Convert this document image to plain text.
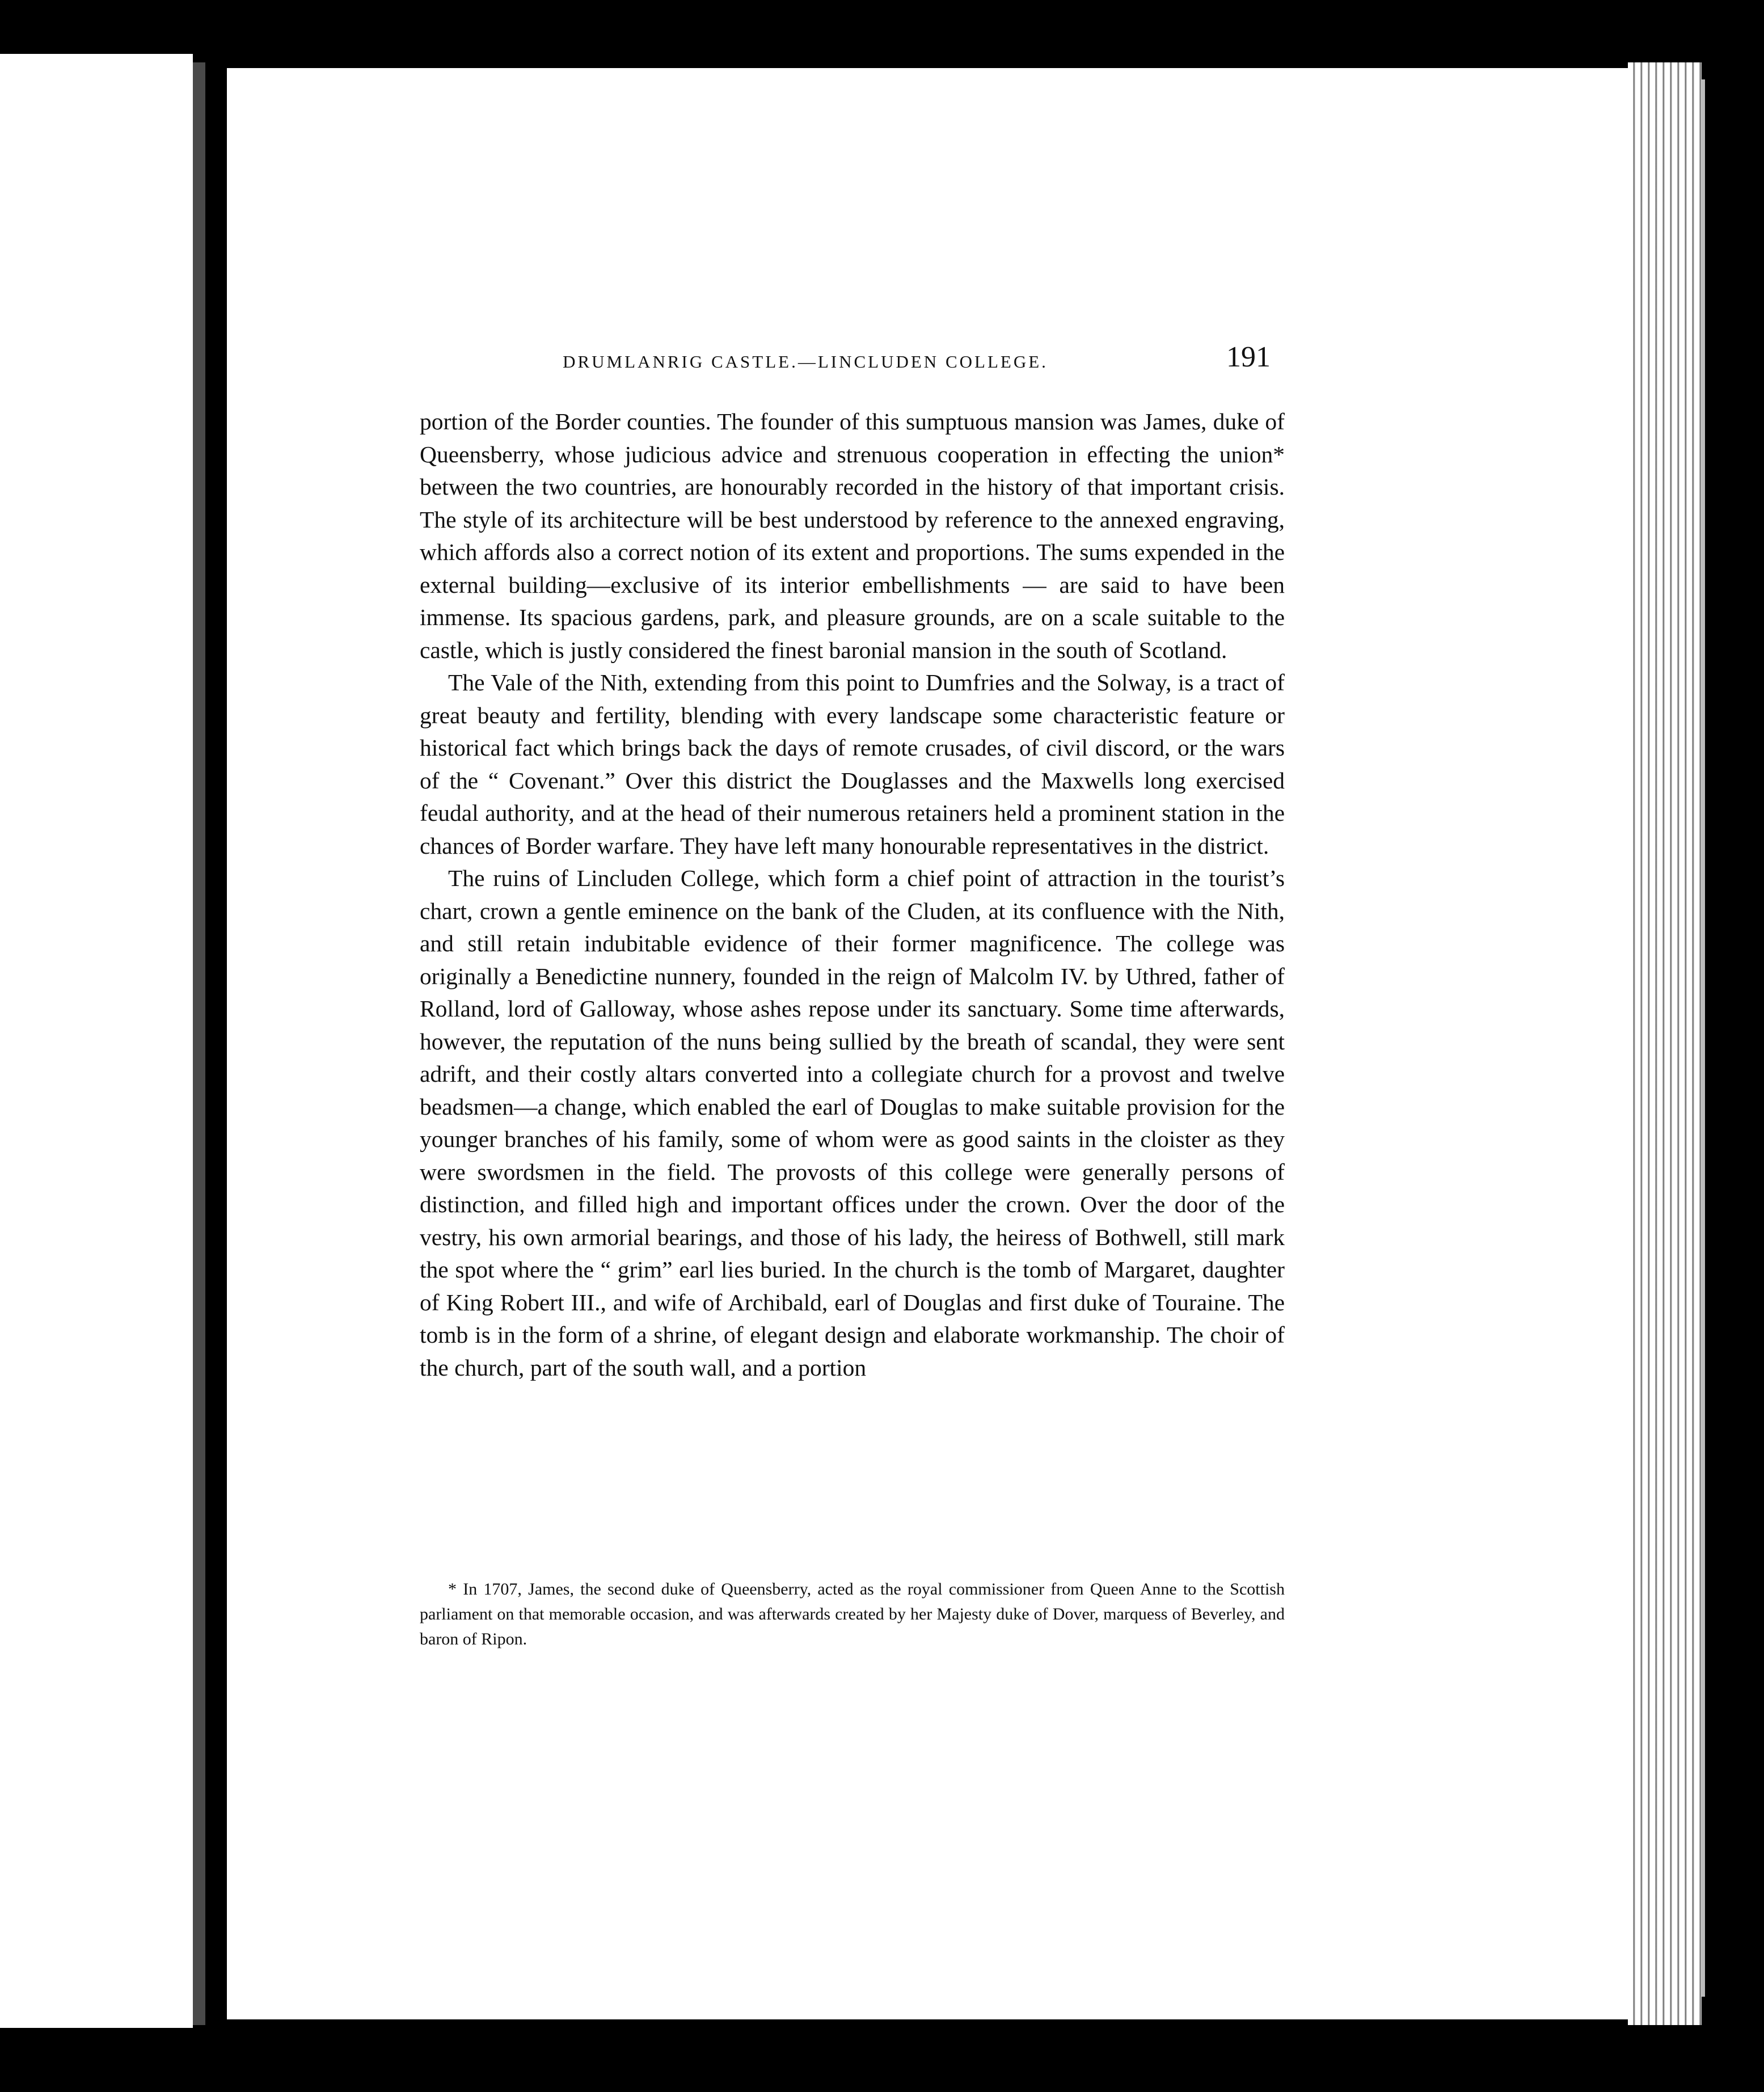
DRUMLANRIG CASTLE.—LINCLUDEN COLLEGE.	191

portion of the Border counties. The founder of this sumptuous mansion was James, duke of Queensberry, whose judicious advice and strenuous cooperation in effecting the union* between the two countries, are honourably recorded in the history of that important crisis. The style of its architecture will be best understood by reference to the annexed engraving, which affords also a correct notion of its extent and proportions. The sums expended in the external building—exclusive of its interior embellishments — are said to have been immense. Its spacious gardens, park, and pleasure grounds, are on a scale suitable to the castle, which is justly considered the finest baronial mansion in the south of Scotland.

The Vale of the Nith, extending from this point to Dumfries and the Solway, is a tract of great beauty and fertility, blending with every landscape some characteristic feature or historical fact which brings back the days of remote crusades, of civil discord, or the wars of the “ Covenant.” Over this district the Douglasses and the Maxwells long exercised feudal authority, and at the head of their numerous retainers held a prominent station in the chances of Border warfare. They have left many honourable representatives in the district.

The ruins of Lincluden College, which form a chief point of attraction in the tourist’s chart, crown a gentle eminence on the bank of the Cluden, at its confluence with the Nith, and still retain indubitable evidence of their former magnificence. The college was originally a Benedictine nunnery, founded in the reign of Malcolm IV. by Uthred, father of Rolland, lord of Galloway, whose ashes repose under its sanctuary. Some time afterwards, however, the reputation of the nuns being sullied by the breath of scandal, they were sent adrift, and their costly altars converted into a collegiate church for a provost and twelve beadsmen—a change, which enabled the earl of Douglas to make suitable provision for the younger branches of his family, some of whom were as good saints in the cloister as they were swordsmen in the field. The provosts of this college were generally persons of distinction, and filled high and important offices under the crown. Over the door of the vestry, his own armorial bearings, and those of his lady, the heiress of Bothwell, still mark the spot where the “ grim” earl lies buried. In the church is the tomb of Margaret, daughter of King Robert III., and wife of Archibald, earl of Douglas and first duke of Touraine. The tomb is in the form of a shrine, of elegant design and elaborate workmanship. The choir of the church, part of the south wall, and a portion

* In 1707, James, the second duke of Queensberry, acted as the royal commissioner from Queen Anne to the Scottish parliament on that memorable occasion, and was afterwards created by her Majesty duke of Dover, marquess of Beverley, and baron of Ripon.
